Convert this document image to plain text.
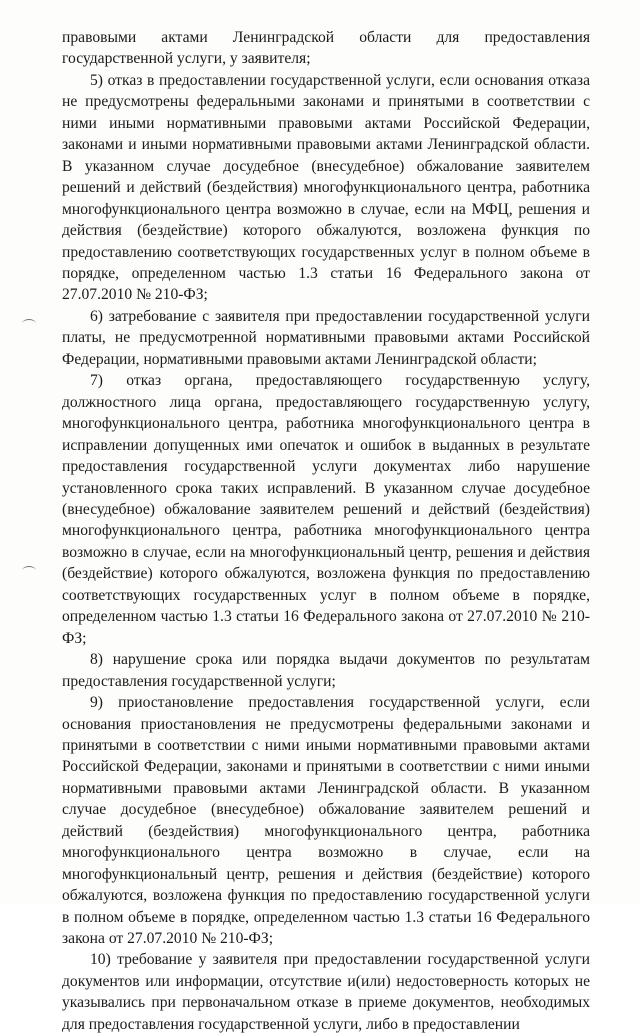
правовыми актами Ленинградской области для предоставления государственной услуги, у заявителя;

5) отказ в предоставлении государственной услуги, если основания отказа не предусмотрены федеральными законами и принятыми в соответствии с ними иными нормативными правовыми актами Российской Федерации, законами и иными нормативными правовыми актами Ленинградской области. В указанном случае досудебное (внесудебное) обжалование заявителем решений и действий (бездействия) многофункционального центра, работника многофункционального центра возможно в случае, если на МФЦ, решения и действия (бездействие) которого обжалуются, возложена функция по предоставлению соответствующих государственных услуг в полном объеме в порядке, определенном частью 1.3 статьи 16 Федерального закона от 27.07.2010 № 210-ФЗ;

6) затребование с заявителя при предоставлении государственной услуги платы, не предусмотренной нормативными правовыми актами Российской Федерации, нормативными правовыми актами Ленинградской области;

7) отказ органа, предоставляющего государственную услугу, должностного лица органа, предоставляющего государственную услугу, многофункционального центра, работника многофункционального центра в исправлении допущенных ими опечаток и ошибок в выданных в результате предоставления государственной услуги документах либо нарушение установленного срока таких исправлений. В указанном случае досудебное (внесудебное) обжалование заявителем решений и действий (бездействия) многофункционального центра, работника многофункционального центра возможно в случае, если на многофункциональный центр, решения и действия (бездействие) которого обжалуются, возложена функция по предоставлению соответствующих государственных услуг в полном объеме в порядке, определенном частью 1.3 статьи 16 Федерального закона от 27.07.2010 № 210-ФЗ;

8) нарушение срока или порядка выдачи документов по результатам предоставления государственной услуги;

9) приостановление предоставления государственной услуги, если основания приостановления не предусмотрены федеральными законами и принятыми в соответствии с ними иными нормативными правовыми актами Российской Федерации, законами и принятыми в соответствии с ними иными нормативными правовыми актами Ленинградской области. В указанном случае досудебное (внесудебное) обжалование заявителем решений и действий (бездействия) многофункционального центра, работника многофункционального центра возможно в случае, если на многофункциональный центр, решения и действия (бездействие) которого обжалуются, возложена функция по предоставлению государственной услуги в полном объеме в порядке, определенном частью 1.3 статьи 16 Федерального закона от 27.07.2010 № 210-ФЗ;

10) требование у заявителя при предоставлении государственной услуги документов или информации, отсутствие и(или) недостоверность которых не указывались при первоначальном отказе в приеме документов, необходимых для предоставления государственной услуги, либо в предоставлении
